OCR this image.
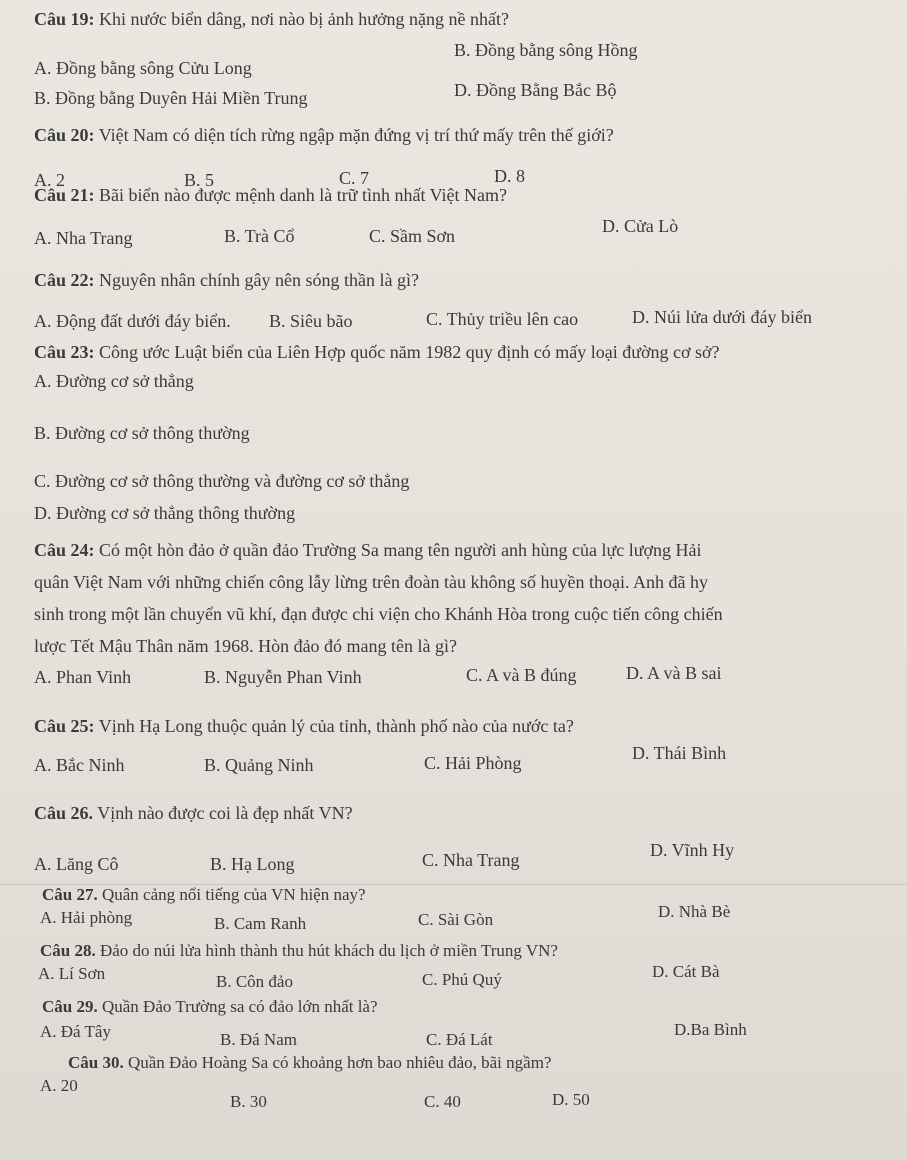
Câu 19: Khi nước biển dâng, nơi nào bị ảnh hưởng nặng nề nhất?
A. Đồng bằng sông Cửu Long
B. Đồng bằng sông Hồng
B. Đồng bằng Duyên Hải Miền Trung	D. Đồng Bằng Bắc Bộ
Câu 20: Việt Nam có diện tích rừng ngập mặn đứng vị trí thứ mấy trên thế giới?
A. 2	B. 5	C. 7	D. 8
Câu 21: Bãi biển nào được mệnh danh là trữ tình nhất Việt Nam?
A. Nha Trang	B. Trà Cổ	C. Sầm Sơn	D. Cửa Lò
Câu 22: Nguyên nhân chính gây nên sóng thần là gì?
A. Động đất dưới đáy biển. B. Siêu bão	C. Thủy triều lên cao	D. Núi lửa dưới đáy biển
Câu 23: Công ước Luật biển của Liên Hợp quốc năm 1982 quy định có mấy loại đường cơ sở?
A. Đường cơ sở thẳng
B. Đường cơ sở thông thường
C. Đường cơ sở thông thường và đường cơ sở thẳng
D. Đường cơ sở thẳng thông thường
Câu 24: Có một hòn đảo ở quần đảo Trường Sa mang tên người anh hùng của lực lượng Hải
quân Việt Nam với những chiến công lẫy lừng trên đoàn tàu không số huyền thoại. Anh đã hy
sinh trong một lần chuyển vũ khí, đạn được chi viện cho Khánh Hòa trong cuộc tiến công chiến
lược Tết Mậu Thân năm 1968. Hòn đảo đó mang tên là gì?
A. Phan Vinh	B. Nguyễn Phan Vinh	C. A và B đúng	D. A và B sai
Câu 25: Vịnh Hạ Long thuộc quản lý của tỉnh, thành phố nào của nước ta?
A. Bắc Ninh	B. Quảng Ninh	C. Hải Phòng	D. Thái Bình
Câu 26. Vịnh nào được coi là đẹp nhất VN?
A. Lăng Cô	B. Hạ Long	C. Nha Trang	D. Vĩnh Hy
Câu 27. Quân cảng nổi tiếng của VN hiện nay?
A. Hải phòng	B. Cam Ranh	C. Sài Gòn	D. Nhà Bè
Câu 28. Đảo do núi lửa hình thành thu hút khách du lịch ở miền Trung VN?
A. Lí Sơn	B. Côn đảo	C. Phú Quý	D. Cát Bà
Câu 29. Quần Đảo Trường sa có đảo lớn nhất là?
A. Đá Tây	B. Đá Nam	C. Đá Lát
D.Ba Bình
Câu 30. Quần Đảo Hoàng Sa có khoảng hơn bao nhiêu đảo, bãi ngầm?
A. 20
B. 30	C. 40	D. 50
